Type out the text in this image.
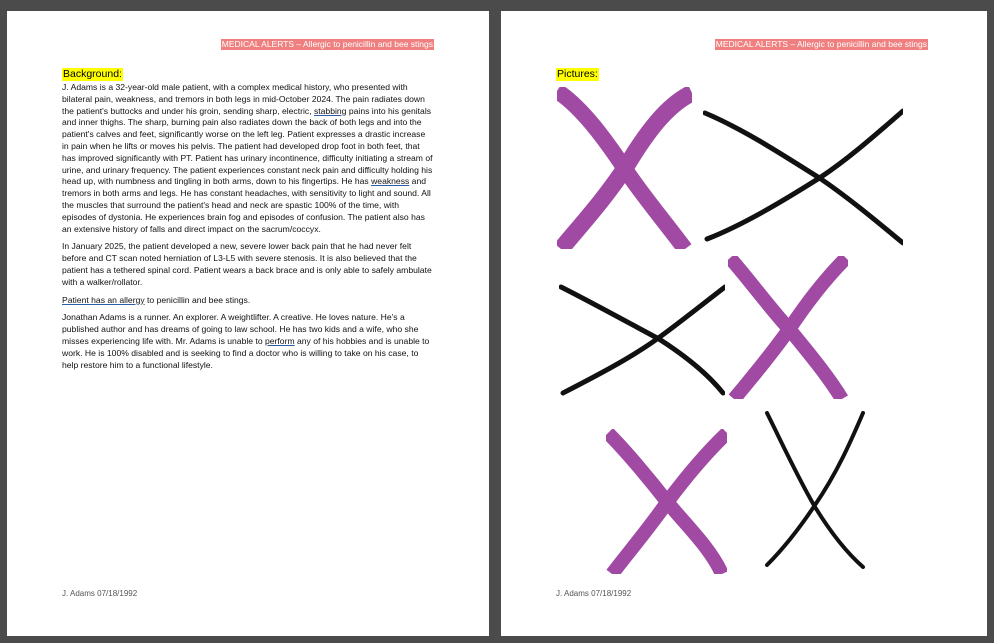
MEDICAL ALERTS – Allergic to penicillin and bee stings
Background:

J. Adams is a 32-year-old male patient, with a complex medical history, who presented with bilateral pain, weakness, and tremors in both legs in mid-October 2024. The pain radiates down the patient's buttocks and under his groin, sending sharp, electric, stabbing pains into his genitals and inner thighs. The sharp, burning pain also radiates down the back of both legs and into the patient's calves and feet, significantly worse on the left leg. Patient expresses a drastic increase in pain when he lifts or moves his pelvis. The patient had developed drop foot in both feet, that has improved significantly with PT. Patient has urinary incontinence, difficulty initiating a stream of urine, and urinary frequency. The patient experiences constant neck pain and difficulty holding his head up, with numbness and tingling in both arms, down to his fingertips. He has weakness and tremors in both arms and legs. He has constant headaches, with sensitivity to light and sound. All the muscles that surround the patient's head and neck are spastic 100% of the time, with episodes of dystonia. He experiences brain fog and episodes of confusion. The patient also has an extensive history of falls and direct impact on the sacrum/coccyx.

In January 2025, the patient developed a new, severe lower back pain that he had never felt before and CT scan noted herniation of L3-L5 with severe stenosis. It is also believed that the patient has a tethered spinal cord. Patient wears a back brace and is only able to safely ambulate with a walker/rollator.

Patient has an allergy to penicillin and bee stings.

Jonathan Adams is a runner. An explorer. A weightlifter. A creative. He loves nature. He's a published author and has dreams of going to law school. He has two kids and a wife, who she misses experiencing life with. Mr. Adams is unable to perform any of his hobbies and is unable to work. He is 100% disabled and is seeking to find a doctor who is willing to take on his case, to help restore him to a functional lifestyle.

J. Adams 07/18/1992
MEDICAL ALERTS – Allergic to penicillin and bee stings
Pictures:
J. Adams 07/18/1992
